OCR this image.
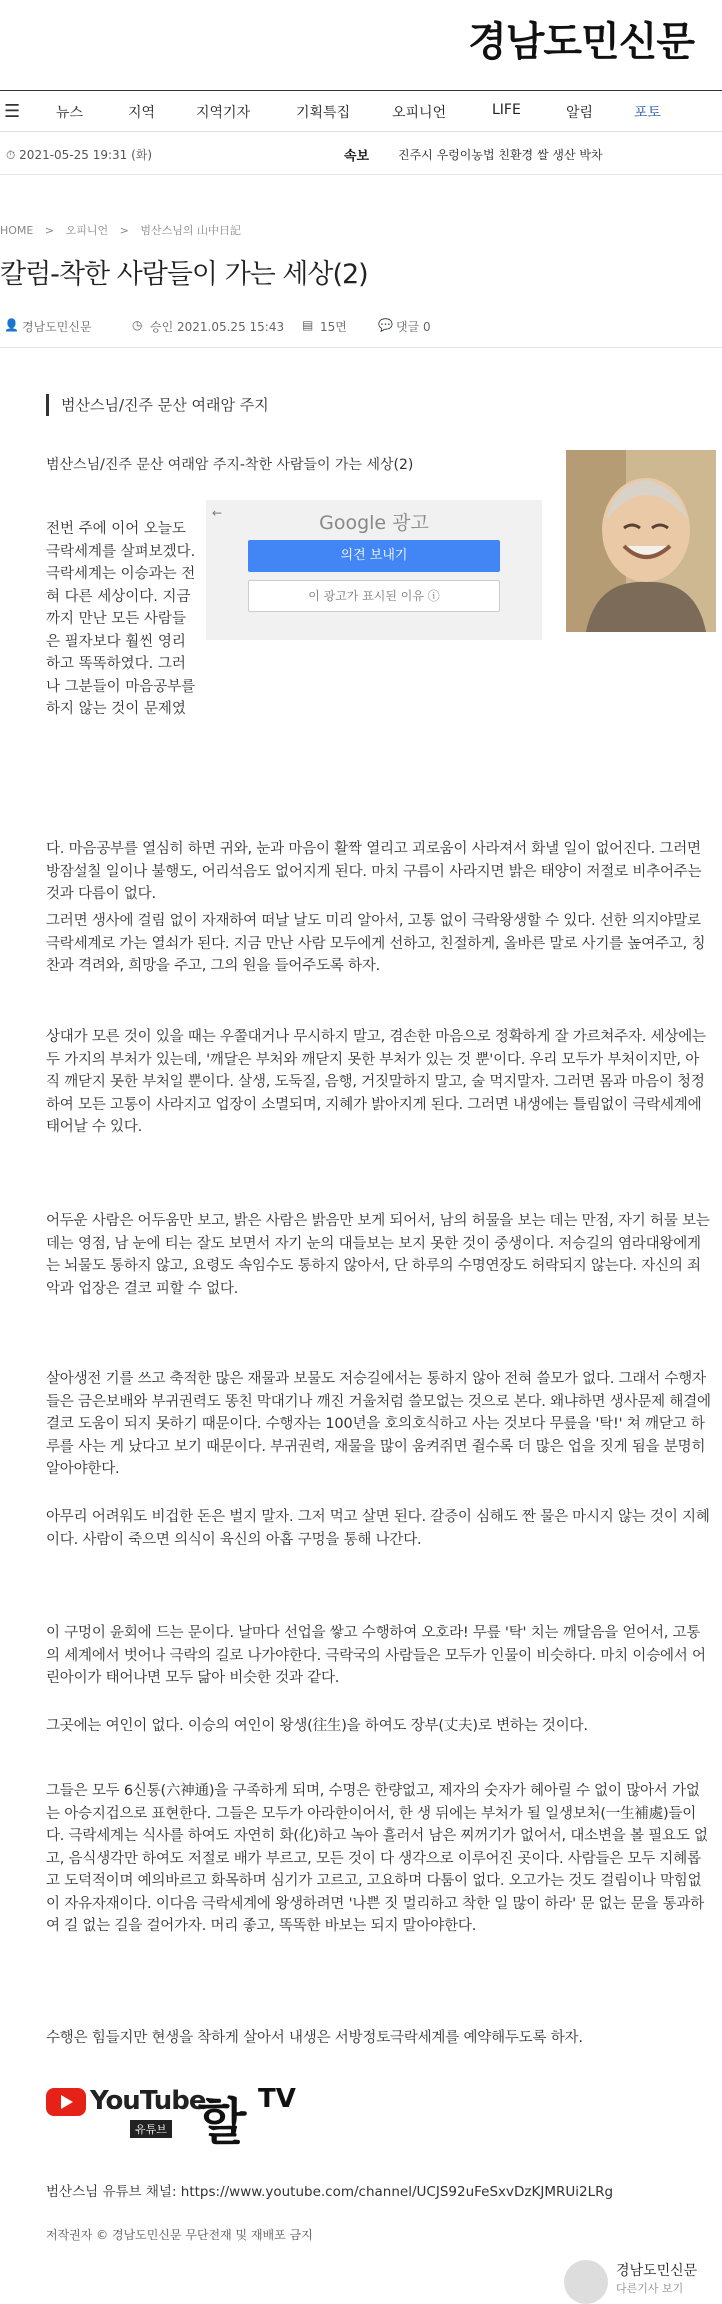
경남도민신문
☰	뉴스	지역	지역기자	기획특집	오피니언	LIFE	알림	포토
⏱ 2021-05-25 19:31 (화)	속보 진주시 우렁이농법 친환경 쌀 생산 박차
HOME > 오피니언 > 범산스님의 山中日記
칼럼-착한 사람들이 가는 세상(2)
👤 경남도민신문	◷ 승인 2021.05.25 15:43 ▤ 15면	💬 댓글 0
범산스님/진주 문산 여래암 주지
범산스님/진주 문산 여래암 주지-착한 사람들이 가는 세상(2)
←	Google 광고
의견 보내기
이 광고가 표시된 이유 ⓘ
전번 주에 이어 오늘도 극락세계를 살펴보겠다. 극락세계는 이승과는 전혀 다른 세상이다. 지금까지 만난 모든 사람들은 필자보다 훨씬 영리하고 똑똑하였다. 그러나 그분들이 마음공부를 하지 않는 것이 문제였
다. 마음공부를 열심히 하면 귀와, 눈과 마음이 활짝 열리고 괴로움이 사라져서 화낼 일이 없어진다. 그러면 방잠설칠 일이나 불행도, 어리석음도 없어지게 된다. 마치 구름이 사라지면 밝은 태양이 저절로 비추어주는 것과 다름이 없다.
그러면 생사에 걸림 없이 자재하여 떠날 날도 미리 알아서, 고통 없이 극락왕생할 수 있다. 선한 의지야말로 극락세계로 가는 열쇠가 된다. 지금 만난 사람 모두에게 선하고, 친절하게, 올바른 말로 사기를 높여주고, 칭찬과 격려와, 희망을 주고, 그의 원을 들어주도록 하자.
상대가 모른 것이 있을 때는 우쭐대거나 무시하지 말고, 겸손한 마음으로 정확하게 잘 가르쳐주자. 세상에는 두 가지의 부처가 있는데, '깨달은 부처와 깨닫지 못한 부처가 있는 것 뿐'이다. 우리 모두가 부처이지만, 아직 깨닫지 못한 부처일 뿐이다. 살생, 도둑질, 음행, 거짓말하지 말고, 술 먹지말자. 그러면 몸과 마음이 청정하여 모든 고통이 사라지고 업장이 소멸되며, 지혜가 밝아지게 된다. 그러면 내생에는 틀림없이 극락세계에 태어날 수 있다.
어두운 사람은 어두움만 보고, 밝은 사람은 밝음만 보게 되어서, 남의 허물을 보는 데는 만점, 자기 허물 보는 데는 영점, 남 눈에 티는 잘도 보면서 자기 눈의 대들보는 보지 못한 것이 중생이다. 저승길의 염라대왕에게는 뇌물도 통하지 않고, 요령도 속임수도 통하지 않아서, 단 하루의 수명연장도 허락되지 않는다. 자신의 죄악과 업장은 결코 피할 수 없다.
살아생전 기를 쓰고 축적한 많은 재물과 보물도 저승길에서는 통하지 않아 전혀 쓸모가 없다. 그래서 수행자들은 금은보배와 부귀권력도 똥친 막대기나 깨진 거울처럼 쓸모없는 것으로 본다. 왜냐하면 생사문제 해결에 결코 도움이 되지 못하기 때문이다. 수행자는 100년을 호의호식하고 사는 것보다 무릎을 '탁!' 쳐 깨닫고 하루를 사는 게 났다고 보기 때문이다. 부귀권력, 재물을 많이 움켜쥐면 쥘수록 더 많은 업을 짓게 됨을 분명히 알아야한다.
아무리 어려워도 비겁한 돈은 벌지 말자. 그저 먹고 살면 된다. 갈증이 심해도 짠 물은 마시지 않는 것이 지혜이다. 사람이 죽으면 의식이 육신의 아홉 구멍을 통해 나간다.
이 구멍이 윤회에 드는 문이다. 날마다 선업을 쌓고 수행하여 오호라! 무릎 '탁' 치는 깨달음을 얻어서, 고통의 세계에서 벗어나 극락의 길로 나가야한다. 극락국의 사람들은 모두가 인물이 비슷하다. 마치 이승에서 어린아이가 태어나면 모두 닮아 비슷한 것과 같다.
그곳에는 여인이 없다. 이승의 여인이 왕생(往生)을 하여도 장부(丈夫)로 변하는 것이다.
그들은 모두 6신통(六神通)을 구족하게 되며, 수명은 한량없고, 제자의 숫자가 헤아릴 수 없이 많아서 가없는 아승지겁으로 표현한다. 그들은 모두가 아라한이어서, 한 생 뒤에는 부처가 될 일생보처(一生補處)들이다. 극락세계는 식사를 하여도 자연히 화(化)하고 녹아 흘러서 남은 찌꺼기가 없어서, 대소변을 볼 필요도 없고, 음식생각만 하여도 저절로 배가 부르고, 모든 것이 다 생각으로 이루어진 곳이다. 사람들은 모두 지혜롭고 도덕적이며 예의바르고 화목하며 심기가 고르고, 고요하며 다툼이 없다. 오고가는 것도 걸림이나 막힘없이 자유자재이다. 이다음 극락세계에 왕생하려면 '나쁜 짓 멀리하고 착한 일 많이 하라' 문 없는 문을 통과하여 길 없는 길을 걸어가자. 머리 좋고, 똑똑한 바보는 되지 말아야한다.
수행은 힘들지만 현생을 착하게 살아서 내생은 서방정토극락세계를 예약해두도록 하자.
YouTube
유튜브 할 TV
범산스님 유튜브 채널: https://www.youtube.com/channel/UCJS92uFeSxvDzKJMRUi2LRg
저작권자 © 경남도민신문 무단전재 및 재배포 금지
경남도민신문
다른기사 보기
